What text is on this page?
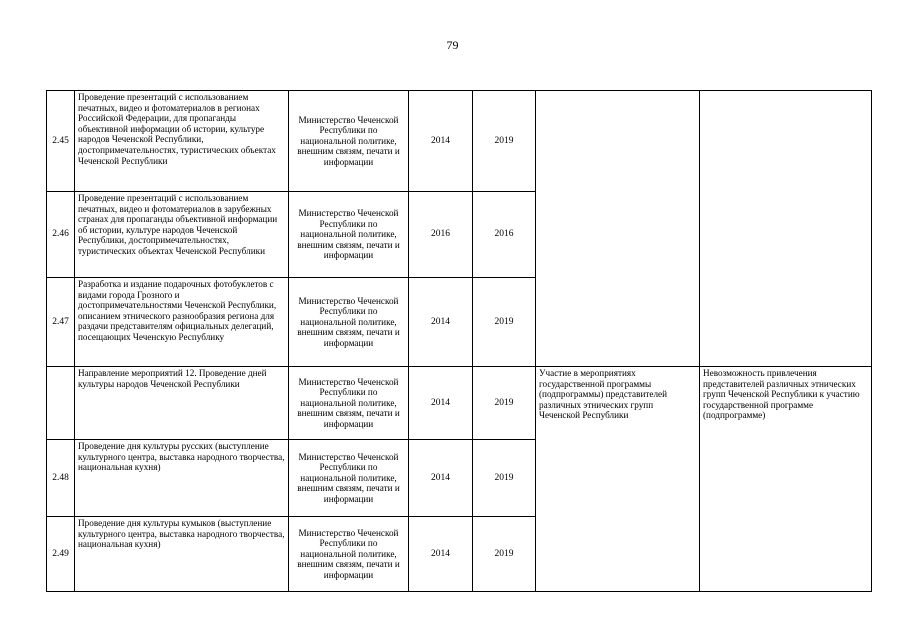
79
2.45	Проведение презентаций с использованием печатных, видео и фотоматериалов в регионах Российской Федерации, для пропаганды объективной информации об истории, культуре народов Чеченской Республики, достопримечательностях, туристических объектах Чеченской Республики	Министерство Чеченской Республики по национальной политике, внешним связям, печати и информации	2014	2019		
2.46	Проведение презентаций с использованием печатных, видео и фотоматериалов в зарубежных странах для пропаганды объективной информации об истории, культуре народов Чеченской Республики, достопримечательностях, туристических объектах Чеченской Республики	Министерство Чеченской Республики по национальной политике, внешним связям, печати и информации	2016	2016		
2.47	Разработка и издание подарочных фотобуклетов с видами города Грозного и достопримечательностями Чеченской Республики, описанием этнического разнообразия региона для раздачи представителям официальных делегаций, посещающих Чеченскую Республику	Министерство Чеченской Республики по национальной политике, внешним связям, печати и информации	2014	2019		
	Направление мероприятий 12. Проведение дней культуры народов Чеченской Республики	Министерство Чеченской Республики по национальной политике, внешним связям, печати и информации	2014	2019	Участие в мероприятиях государственной программы (подпрограммы) представителей различных этнических групп Чеченской Республики	Невозможность привлечения представителей различных этнических групп Чеченской Республики к участию государственной программе (подпрограмме)
2.48	Проведение дня культуры русских (выступление культурного центра, выставка народного творчества, национальная кухня)	Министерство Чеченской Республики по национальной политике, внешним связям, печати и информации	2014	2019		
2.49	Проведение дня культуры кумыков (выступление культурного центра, выставка народного творчества, национальная кухня)	Министерство Чеченской Республики по национальной политике, внешним связям, печати и информации	2014	2019		
